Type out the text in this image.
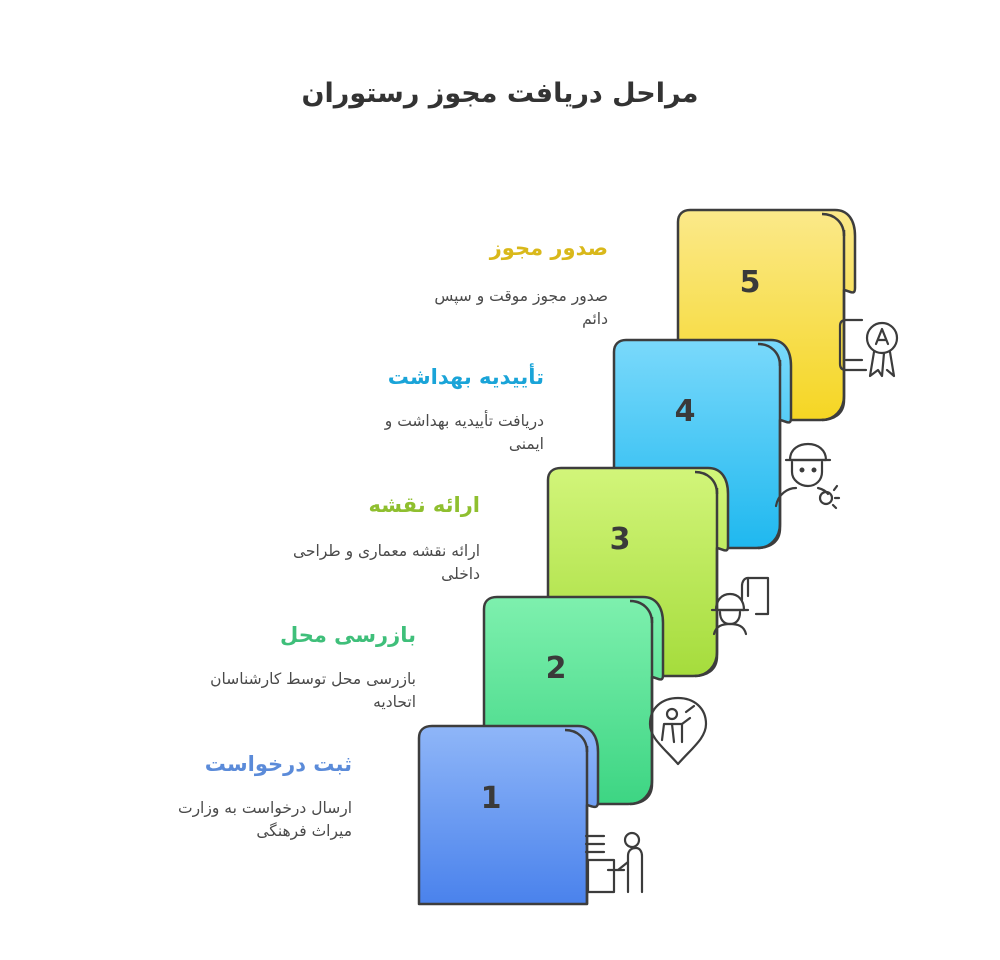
مراحل دریافت مجوز رستوران
5
4
3
2
1
صدور مجوز
صدور مجوز موقت و سپس
دائم
تأییدیه بهداشت
دریافت تأییدیه بهداشت و
ایمنی
ارائه نقشه
ارائه نقشه معماری و طراحی
داخلی
بازرسی محل
بازرسی محل توسط کارشناسان
اتحادیه
ثبت درخواست
ارسال درخواست به وزارت
میراث فرهنگی
